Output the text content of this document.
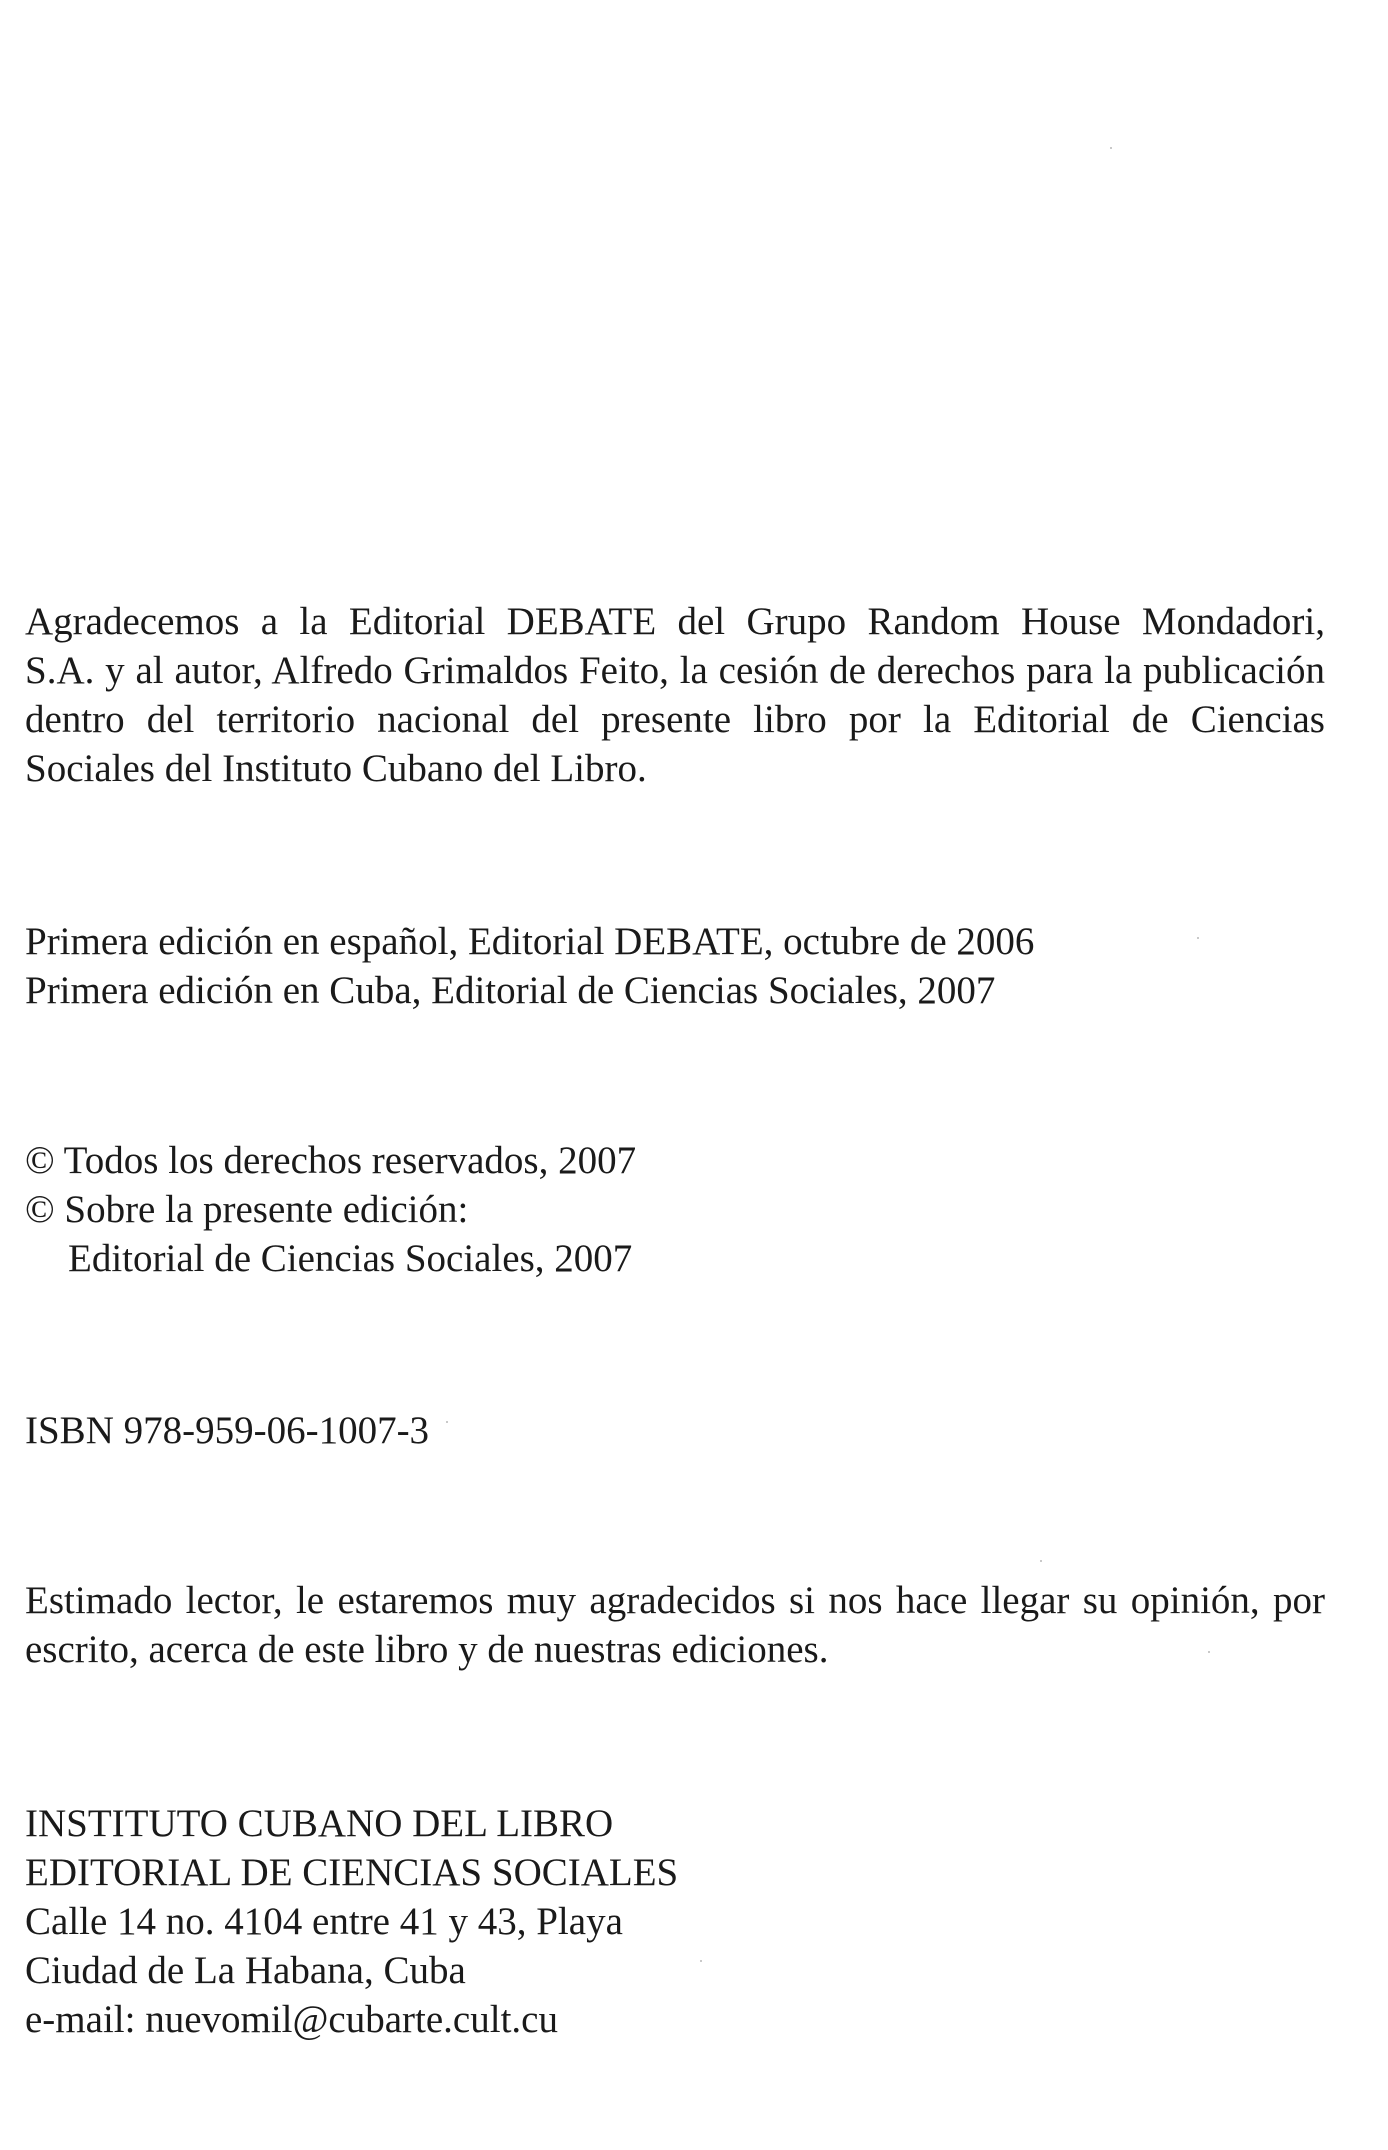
Agradecemos a la Editorial DEBATE del Grupo Random House Mondadori,
S.A. y al autor, Alfredo Grimaldos Feito, la cesión de derechos para la publicación
dentro del territorio nacional del presente libro por la Editorial de Ciencias
Sociales del Instituto Cubano del Libro.
Primera edición en español, Editorial DEBATE, octubre de 2006
Primera edición en Cuba, Editorial de Ciencias Sociales, 2007
© Todos los derechos reservados, 2007
© Sobre la presente edición:
Editorial de Ciencias Sociales, 2007
ISBN 978-959-06-1007-3
Estimado lector, le estaremos muy agradecidos si nos hace llegar su opinión, por
escrito, acerca de este libro y de nuestras ediciones.
INSTITUTO CUBANO DEL LIBRO
EDITORIAL DE CIENCIAS SOCIALES
Calle 14 no. 4104 entre 41 y 43, Playa
Ciudad de La Habana, Cuba
e-mail: nuevomil@cubarte.cult.cu
